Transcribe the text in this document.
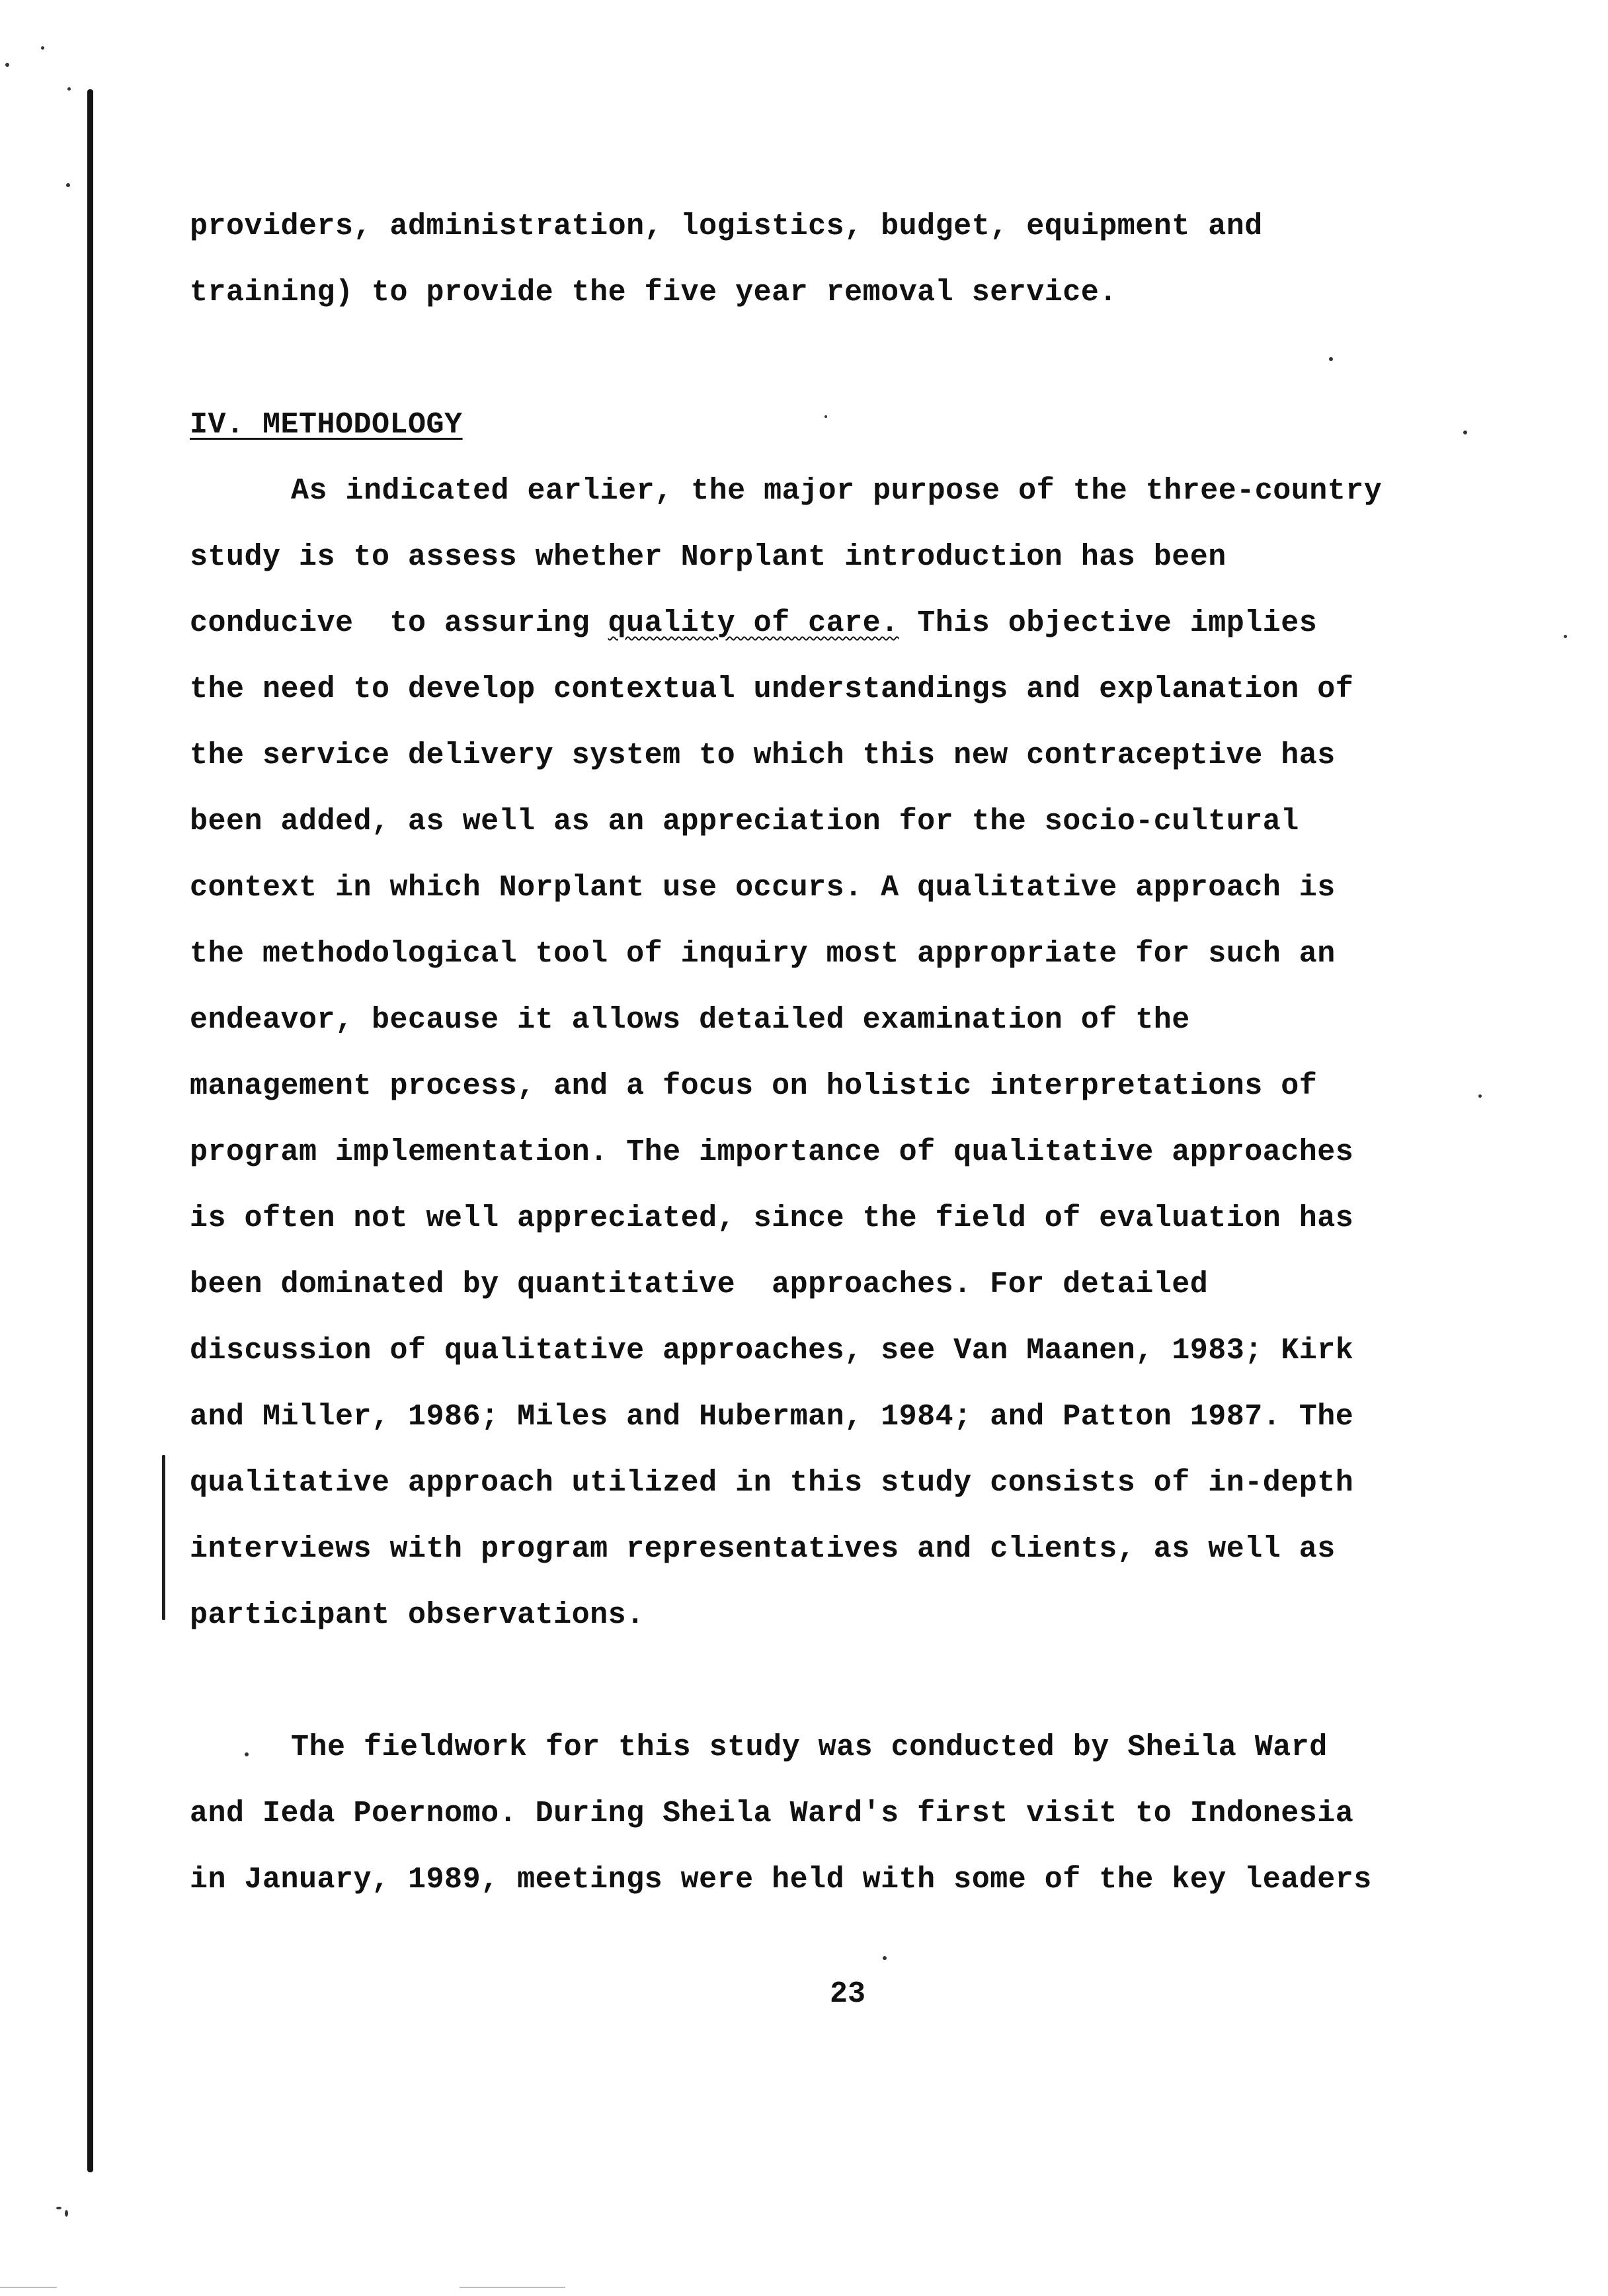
providers, administration, logistics, budget, equipment and
training) to provide the five year removal service.
IV. METHODOLOGY
As indicated earlier, the major purpose of the three-country
study is to assess whether Norplant introduction has been
conducive  to assuring quality of care. This objective implies
the need to develop contextual understandings and explanation of
the service delivery system to which this new contraceptive has
been added, as well as an appreciation for the socio-cultural
context in which Norplant use occurs. A qualitative approach is
the methodological tool of inquiry most appropriate for such an
endeavor, because it allows detailed examination of the
management process, and a focus on holistic interpretations of
program implementation. The importance of qualitative approaches
is often not well appreciated, since the field of evaluation has
been dominated by quantitative  approaches. For detailed
discussion of qualitative approaches, see Van Maanen, 1983; Kirk
and Miller, 1986; Miles and Huberman, 1984; and Patton 1987. The
qualitative approach utilized in this study consists of in-depth
interviews with program representatives and clients, as well as
participant observations.
The fieldwork for this study was conducted by Sheila Ward
and Ieda Poernomo. During Sheila Ward's first visit to Indonesia
in January, 1989, meetings were held with some of the key leaders
23
